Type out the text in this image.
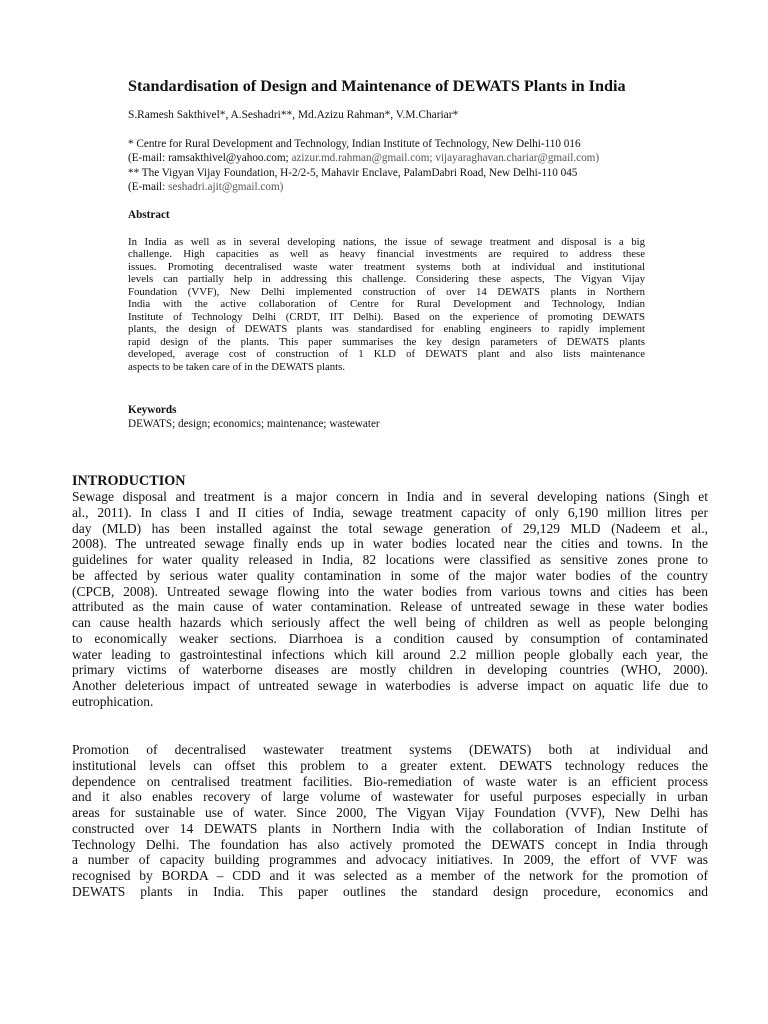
Standardisation of Design and Maintenance of DEWATS Plants in India
S.Ramesh Sakthivel*, A.Seshadri**, Md.Azizu Rahman*, V.M.Chariar*
* Centre for Rural Development and Technology, Indian Institute of Technology, New Delhi-110 016
(E-mail: ramsakthivel@yahoo.com; azizur.md.rahman@gmail.com; vijayaraghavan.chariar@gmail.com)
** The Vigyan Vijay Foundation, H-2/2-5, Mahavir Enclave, PalamDabri Road, New Delhi-110 045
(E-mail: seshadri.ajit@gmail.com)
Abstract
In India as well as in several developing nations, the issue of sewage treatment and disposal is a big
challenge. High capacities as well as heavy financial investments are required to address these
issues. Promoting decentralised waste water treatment systems both at individual and institutional
levels can partially help in addressing this challenge. Considering these aspects, The Vigyan Vijay
Foundation (VVF), New Delhi implemented construction of over 14 DEWATS plants in Northern
India with the active collaboration of Centre for Rural Development and Technology, Indian
Institute of Technology Delhi (CRDT, IIT Delhi). Based on the experience of promoting DEWATS
plants, the design of DEWATS plants was standardised for enabling engineers to rapidly implement
rapid design of the plants. This paper summarises the key design parameters of DEWATS plants
developed, average cost of construction of 1 KLD of DEWATS plant and also lists maintenance
aspects to be taken care of in the DEWATS plants.
Keywords
DEWATS; design; economics; maintenance; wastewater
INTRODUCTION
Sewage disposal and treatment is a major concern in India and in several developing nations (Singh et
al., 2011). In class I and II cities of India, sewage treatment capacity of only 6,190 million litres per
day (MLD) has been installed against the total sewage generation of 29,129 MLD (Nadeem et al.,
2008). The untreated sewage finally ends up in water bodies located near the cities and towns. In the
guidelines for water quality released in India, 82 locations were classified as sensitive zones prone to
be affected by serious water quality contamination in some of the major water bodies of the country
(CPCB, 2008). Untreated sewage flowing into the water bodies from various towns and cities has been
attributed as the main cause of water contamination. Release of untreated sewage in these water bodies
can cause health hazards which seriously affect the well being of children as well as people belonging
to economically weaker sections. Diarrhoea is a condition caused by consumption of contaminated
water leading to gastrointestinal infections which kill around 2.2 million people globally each year, the
primary victims of waterborne diseases are mostly children in developing countries (WHO, 2000).
Another deleterious impact of untreated sewage in waterbodies is adverse impact on aquatic life due to
eutrophication.
Promotion of decentralised wastewater treatment systems (DEWATS) both at individual and
institutional levels can offset this problem to a greater extent. DEWATS technology reduces the
dependence on centralised treatment facilities. Bio-remediation of waste water is an efficient process
and it also enables recovery of large volume of wastewater for useful purposes especially in urban
areas for sustainable use of water. Since 2000, The Vigyan Vijay Foundation (VVF), New Delhi has
constructed over 14 DEWATS plants in Northern India with the collaboration of Indian Institute of
Technology Delhi. The foundation has also actively promoted the DEWATS concept in India through
a number of capacity building programmes and advocacy initiatives. In 2009, the effort of VVF was
recognised by BORDA – CDD and it was selected as a member of the network for the promotion of
DEWATS plants in India. This paper outlines the standard design procedure, economics and
